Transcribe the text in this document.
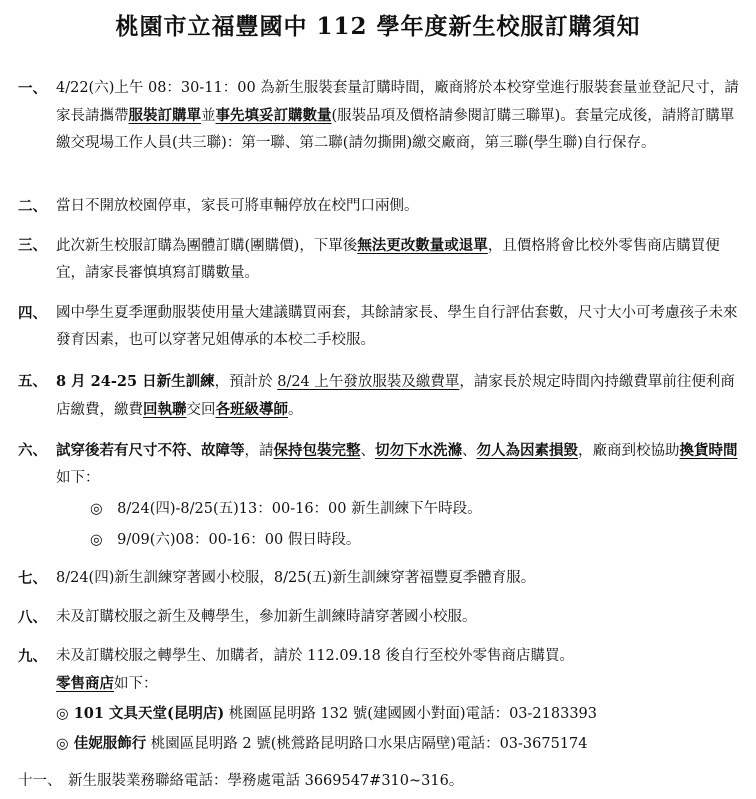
桃園市立福豐國中 112 學年度新生校服訂購須知
一、 4/22(六)上午 08：30-11：00 為新生服裝套量訂購時間，廠商將於本校穿堂進行服裝套量並登記尺寸，請家長請攜帶服裝訂購單並事先填妥訂購數量(服裝品項及價格請參閱訂購三聯單)。套量完成後，請將訂購單繳交現場工作人員(共三聯)：第一聯、第二聯(請勿撕開)繳交廠商，第三聯(學生聯)自行保存。
二、 當日不開放校園停車，家長可將車輛停放在校門口兩側。
三、 此次新生校服訂購為團體訂購(團購價)，下單後無法更改數量或退單，且價格將會比校外零售商店購買便宜，請家長審慎填寫訂購數量。
四、 國中學生夏季運動服裝使用量大建議購買兩套，其餘請家長、學生自行評估套數，尺寸大小可考慮孩子未來發育因素，也可以穿著兄姐傳承的本校二手校服。
五、 8 月 24-25 日新生訓練，預計於 8/24 上午發放服裝及繳費單，請家長於規定時間內持繳費單前往便利商店繳費，繳費回執聯交回各班級導師。
六、 試穿後若有尺寸不符、故障等，請保持包裝完整、切勿下水洗滌、勿人為因素損毀，廠商到校協助換貨時間如下：
◎　8/24(四)-8/25(五)13：00-16：00 新生訓練下午時段。
◎　9/09(六)08：00-16：00 假日時段。
七、 8/24(四)新生訓練穿著國小校服，8/25(五)新生訓練穿著福豐夏季體育服。
八、 未及訂購校服之新生及轉學生，參加新生訓練時請穿著國小校服。
九、 未及訂購校服之轉學生、加購者，請於 112.09.18 後自行至校外零售商店購買。
零售商店如下：
◎ 101 文具天堂(昆明店) 桃園區昆明路 132 號(建國國小對面)電話：03-2183393
◎ 佳妮服飾行 桃園區昆明路 2 號(桃鶯路昆明路口水果店隔壁)電話：03-3675174
十一、 新生服裝業務聯絡電話：學務處電話 3669547#310~316。
